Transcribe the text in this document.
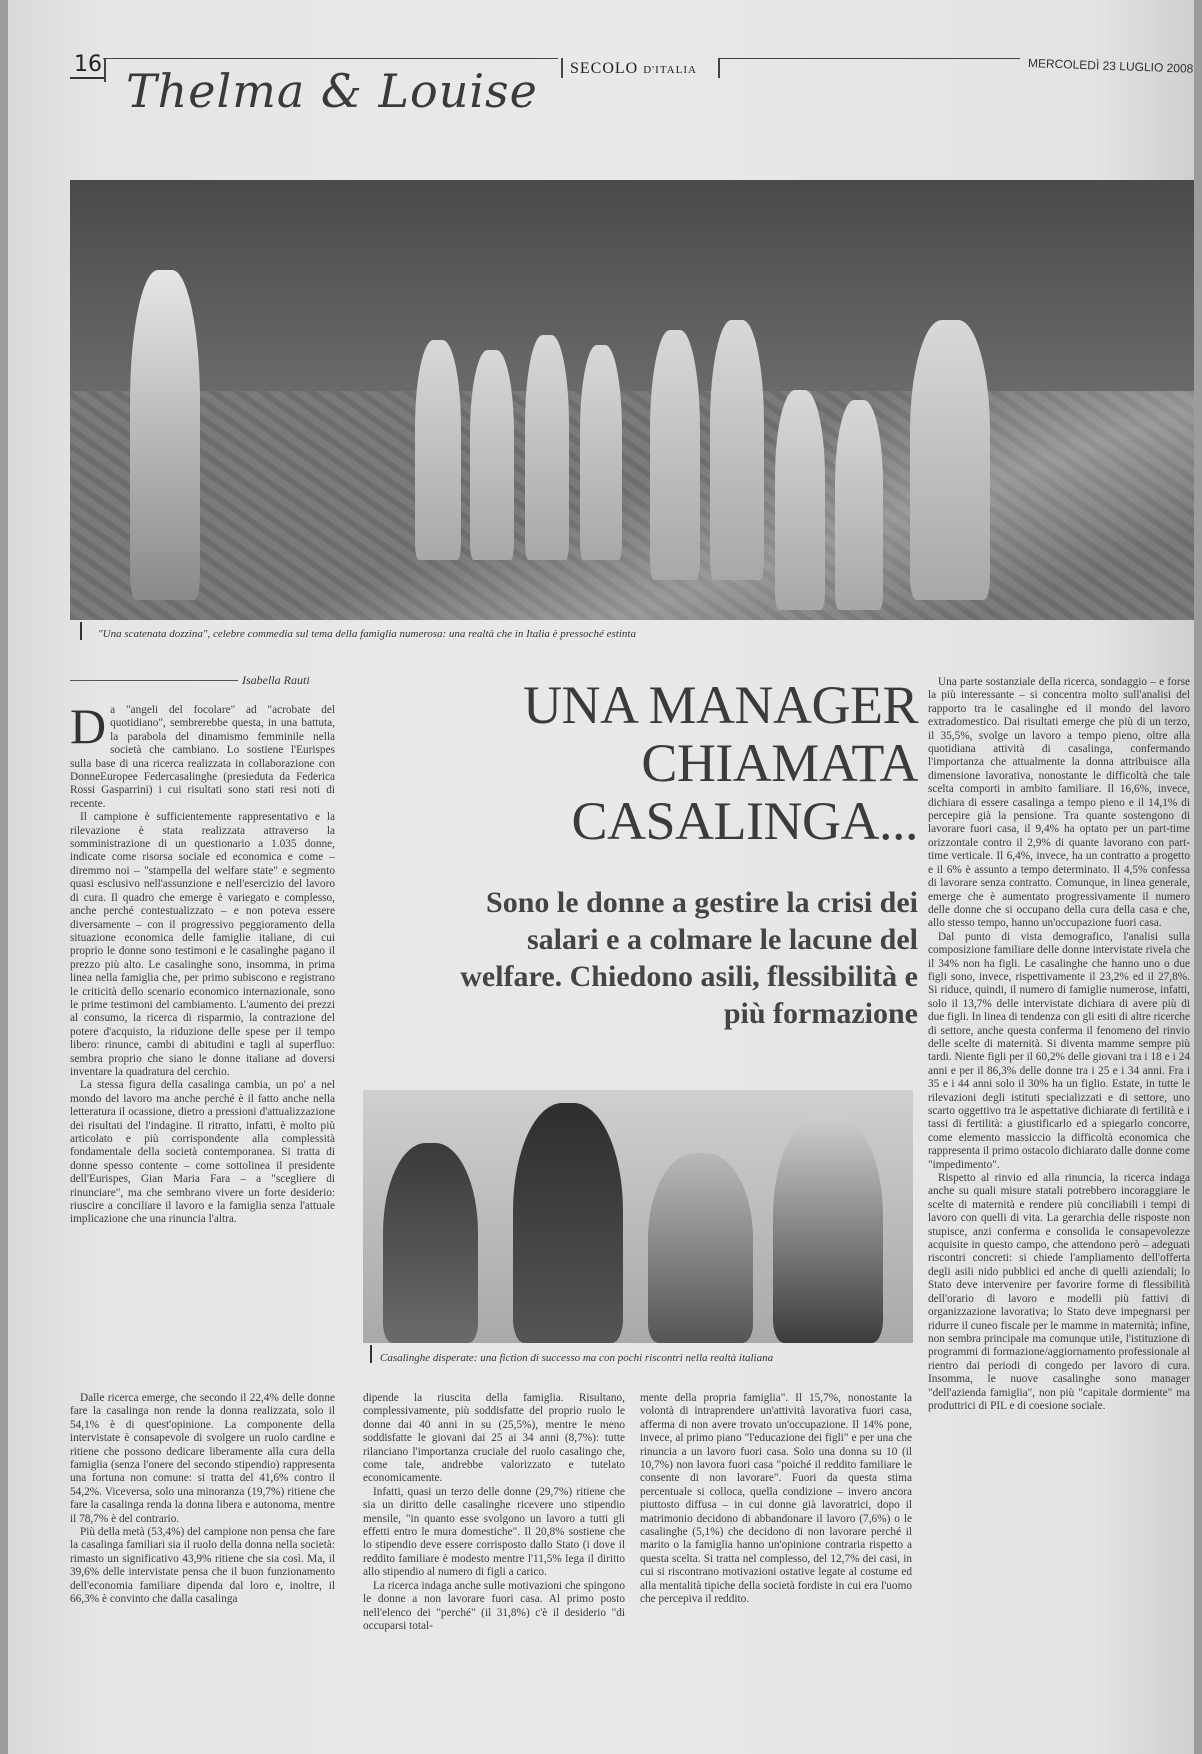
16 Thelma & Louise SECOLO D'ITALIA	MERCOLEDÌ 23 LUGLIO 2008
"Una scatenata dozzina", celebre commedia sul tema della famiglia numerosa: una realtà che in Italia è pressoché estinta
Isabella Rauti	UNA MANAGER CHIAMATA CASALINGA...
Sono le donne a gestire la crisi dei salari e a colmare le lacune del welfare. Chiedono asili, flessibilità e più formazione

Da "angeli del focolare" ad "acrobate del quotidiano", sembrerebbe questa, in una battuta, la parabola del dinamismo femminile nella società che cambiano. Lo sostiene l'Eurispes sulla base di una ricerca realizzata in collaborazione con DonneEuropee Federcasalinghe (presieduta da Federica Rossi Gasparrini) i cui risultati sono stati resi noti di recente.

Il campione è sufficientemente rappresentativo e la rilevazione è stata realizzata attraverso la somministrazione di un questionario a 1.035 donne, indicate come risorsa sociale ed economica e come – diremmo noi – "stampella del welfare state" e segmento quasi esclusivo nell'assunzione e nell'esercizio del lavoro di cura. Il quadro che emerge è variegato e complesso, anche perché contestualizzato – e non poteva essere diversamente – con il progressivo peggioramento della situazione economica delle famiglie italiane, di cui proprio le donne sono testimoni e le casalinghe pagano il prezzo più alto. Le casalinghe sono, insomma, in prima linea nella famiglia che, per primo subiscono e registrano le criticità dello scenario economico internazionale, sono le prime testimoni del cambiamento. L'aumento dei prezzi al consumo, la ricerca di risparmio, la contrazione del potere d'acquisto, la riduzione delle spese per il tempo libero: rinunce, cambi di abitudini e tagli al superfluo: sembra proprio che siano le donne italiane ad doversi inventare la quadratura del cerchio.

La stessa figura della casalinga cambia, un po' a nel mondo del lavoro ma anche perché è il fatto anche nella letteratura il ocassione, dietro a pressioni d'attualizzazione dei risultati del l'indagine. Il ritratto, infatti, è molto più articolato e più corrispondente alla complessità fondamentale della società contemporanea. Si tratta di donne spesso contente – come sottolinea il presidente dell'Eurispes, Gian Maria Fara – a "scegliere di rinunciare", ma che sembrano vivere un forte desiderio: riuscire a conciliare il lavoro e la famiglia senza l'attuale implicazione che una rinuncia l'altra.

Casalinghe disperate: una fiction di successo ma con pochi riscontri nella realtà italiana

Dalle ricerca emerge, che secondo il 22,4% delle donne fare la casalinga non rende la donna realizzata, solo il 54,1% è di quest'opinione. La componente della intervistate è consapevole di svolgere un ruolo cardine e ritiene che possono dedicare liberamente alla cura della famiglia (senza l'onere del secondo stipendio) rappresenta una fortuna non comune: si tratta del 41,6% contro il 54,2%. Viceversa, solo una minoranza (19,7%) ritiene che fare la casalinga renda la donna libera e autonoma, mentre il 78,7% è del contrario.

Più della metà (53,4%) del campione non pensa che fare la casalinga familiari sia il ruolo della donna nella società: rimasto un significativo 43,9% ritiene che sia così. Ma, il 39,6% delle intervistate pensa che il buon funzionamento dell'economia familiare dipenda dal loro e, inoltre, il 66,3% è convinto che dalla casalinga

dipende la riuscita della famiglia. Risultano, complessivamente, più soddisfatte del proprio ruolo le donne dai 40 anni in su (25,5%), mentre le meno soddisfatte le giovani dai 25 ai 34 anni (8,7%): tutte rilanciano l'importanza cruciale del ruolo casalingo che, come tale, andrebbe valorizzato e tutelato economicamente.

Infatti, quasi un terzo delle donne (29,7%) ritiene che sia un diritto delle casalinghe ricevere uno stipendio mensile, "in quanto esse svolgono un lavoro a tutti gli effetti entro le mura domestiche". Il 20,8% sostiene che lo stipendio deve essere corrisposto dallo Stato (i dove il reddito familiare è modesto mentre l'11,5% lega il diritto allo stipendio al numero di figli a carico.

La ricerca indaga anche sulle motivazioni che spingono le donne a non lavorare fuori casa. Al primo posto nell'elenco dei "perché" (il 31,8%) c'è il desiderio "di occuparsi total-

mente della propria famiglia". Il 15,7%, nonostante la volontà di intraprendere un'attività lavorativa fuori casa, afferma di non avere trovato un'occupazione. Il 14% pone, invece, al primo piano "l'educazione dei figli" e per una che rinuncia a un lavoro fuori casa. Solo una donna su 10 (il 10,7%) non lavora fuori casa "poiché il reddito familiare le consente di non lavorare". Fuori da questa stima percentuale si colloca, quella condizione – invero ancora piuttosto diffusa – in cui donne già lavoratrici, dopo il matrimonio decidono di abbandonare il lavoro (7,6%) o le casalinghe (5,1%) che decidono di non lavorare perché il marito o la famiglia hanno un'opinione contraria rispetto a questa scelta. Si tratta nel complesso, del 12,7% dei casi, in cui si riscontrano motivazioni ostative legate al costume ed alla mentalità tipiche della società fordiste in cui era l'uomo che percepiva il reddito.

Una parte sostanziale della ricerca, sondaggio – e forse la più interessante – si concentra molto sull'analisi del rapporto tra le casalinghe ed il mondo del lavoro extradomestico. Dai risultati emerge che più di un terzo, il 35,5%, svolge un lavoro a tempo pieno, oltre alla quotidiana attività di casalinga, confermando l'importanza che attualmente la donna attribuisce alla dimensione lavorativa, nonostante le difficoltà che tale scelta comporti in ambito familiare. Il 16,6%, invece, dichiara di essere casalinga a tempo pieno e il 14,1% di percepire già la pensione. Tra quante sostengono di lavorare fuori casa, il 9,4% ha optato per un part-time orizzontale contro il 2,9% di quante lavorano con part-time verticale. Il 6,4%, invece, ha un contratto a progetto e il 6% è assunto a tempo determinato. Il 4,5% confessa di lavorare senza contratto. Comunque, in linea generale, emerge che è aumentato progressivamente il numero delle donne che si occupano della cura della casa e che, allo stesso tempo, hanno un'occupazione fuori casa.

Dal punto di vista demografico, l'analisi sulla composizione familiare delle donne intervistate rivela che il 34% non ha figli. Le casalinghe che hanno uno o due figli sono, invece, rispettivamente il 23,2% ed il 27,8%. Si riduce, quindi, il numero di famiglie numerose, infatti, solo il 13,7% delle intervistate dichiara di avere più di due figli. In linea di tendenza con gli esiti di altre ricerche di settore, anche questa conferma il fenomeno del rinvio delle scelte di maternità. Si diventa mamme sempre più tardi. Niente figli per il 60,2% delle giovani tra i 18 e i 24 anni e per il 86,3% delle donne tra i 25 e i 34 anni. Fra i 35 e i 44 anni solo il 30% ha un figlio. Estate, in tutte le rilevazioni degli istituti specializzati e di settore, uno scarto oggettivo tra le aspettative dichiarate di fertilità e i tassi di fertilità: a giustificarlo ed a spiegarlo concorre, come elemento massiccio la difficoltà economica che rappresenta il primo ostacolo dichiarato dalle donne come "impedimento".

Rispetto al rinvio ed alla rinuncia, la ricerca indaga anche su quali misure statali potrebbero incoraggiare le scelte di maternità e rendere più conciliabili i tempi di lavoro con quelli di vita. La gerarchia delle risposte non stupisce, anzi conferma e consolida le consapevolezze acquisite in questo campo, che attendono però – adeguati riscontri concreti: si chiede l'ampliamento dell'offerta degli asili nido pubblici ed anche di quelli aziendali; lo Stato deve intervenire per favorire forme di flessibilità dell'orario di lavoro e modelli più fattivi di organizzazione lavorativa; lo Stato deve impegnarsi per ridurre il cuneo fiscale per le mamme in maternità; infine, non sembra principale ma comunque utile, l'istituzione di programmi di formazione/aggiornamento professionale al rientro dai periodi di congedo per lavoro di cura. Insomma, le nuove casalinghe sono manager "dell'azienda famiglia", non più "capitale dormiente" ma produttrici di PIL e di coesione sociale.
